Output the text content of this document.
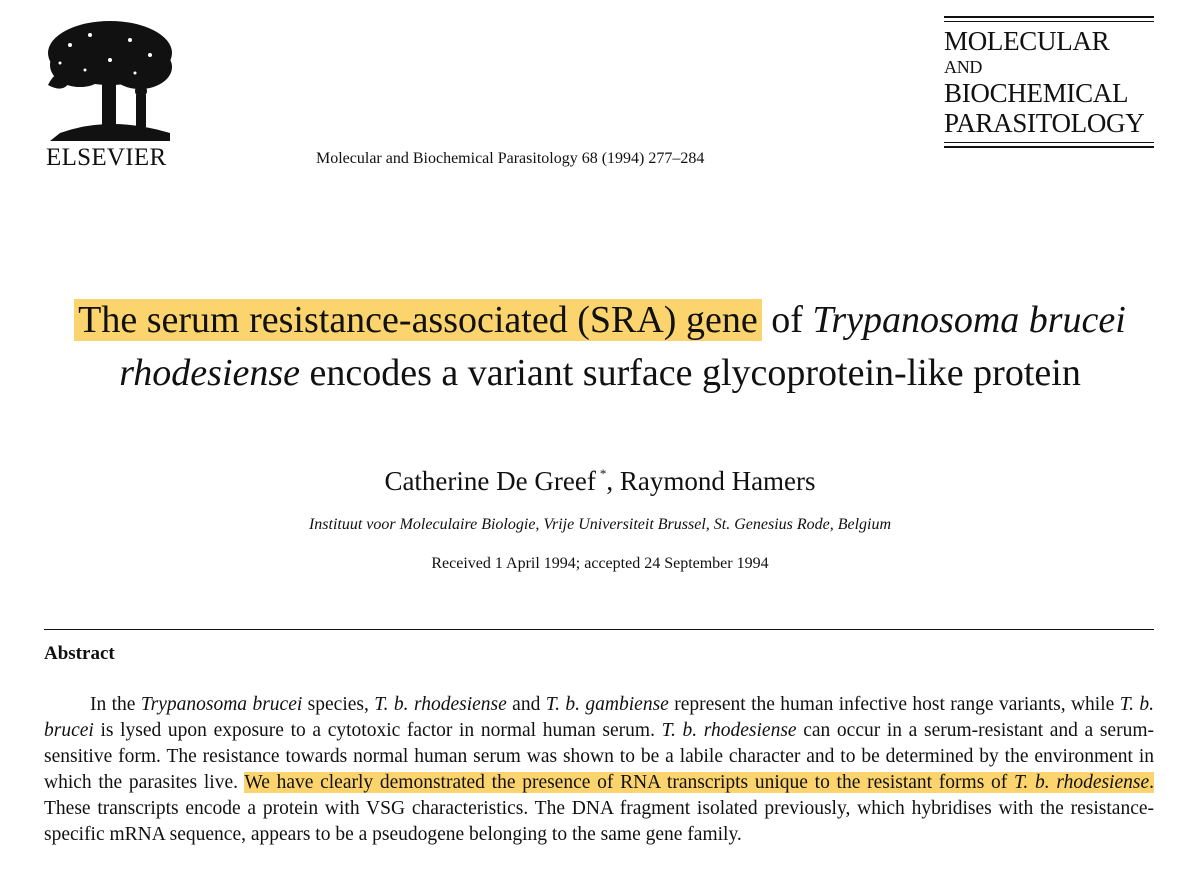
ELSEVIER	Molecular and Biochemical Parasitology 68 (1994) 277–284
MOLECULAR
AND
BIOCHEMICAL
PARASITOLOGY
The serum resistance-associated (SRA) gene of Trypanosoma brucei rhodesiense encodes a variant surface glycoprotein-like protein
Catherine De Greef *, Raymond Hamers
Instituut voor Moleculaire Biologie, Vrije Universiteit Brussel, St. Genesius Rode, Belgium
Received 1 April 1994; accepted 24 September 1994
Abstract
In the Trypanosoma brucei species, T. b. rhodesiense and T. b. gambiense represent the human infective host range variants, while T. b. brucei is lysed upon exposure to a cytotoxic factor in normal human serum. T. b. rhodesiense can occur in a serum-resistant and a serum-sensitive form. The resistance towards normal human serum was shown to be a labile character and to be determined by the environment in which the parasites live. We have clearly demonstrated the presence of RNA transcripts unique to the resistant forms of T. b. rhodesiense. These transcripts encode a protein with VSG characteristics. The DNA fragment isolated previously, which hybridises with the resistance-specific mRNA sequence, appears to be a pseudogene belonging to the same gene family.
